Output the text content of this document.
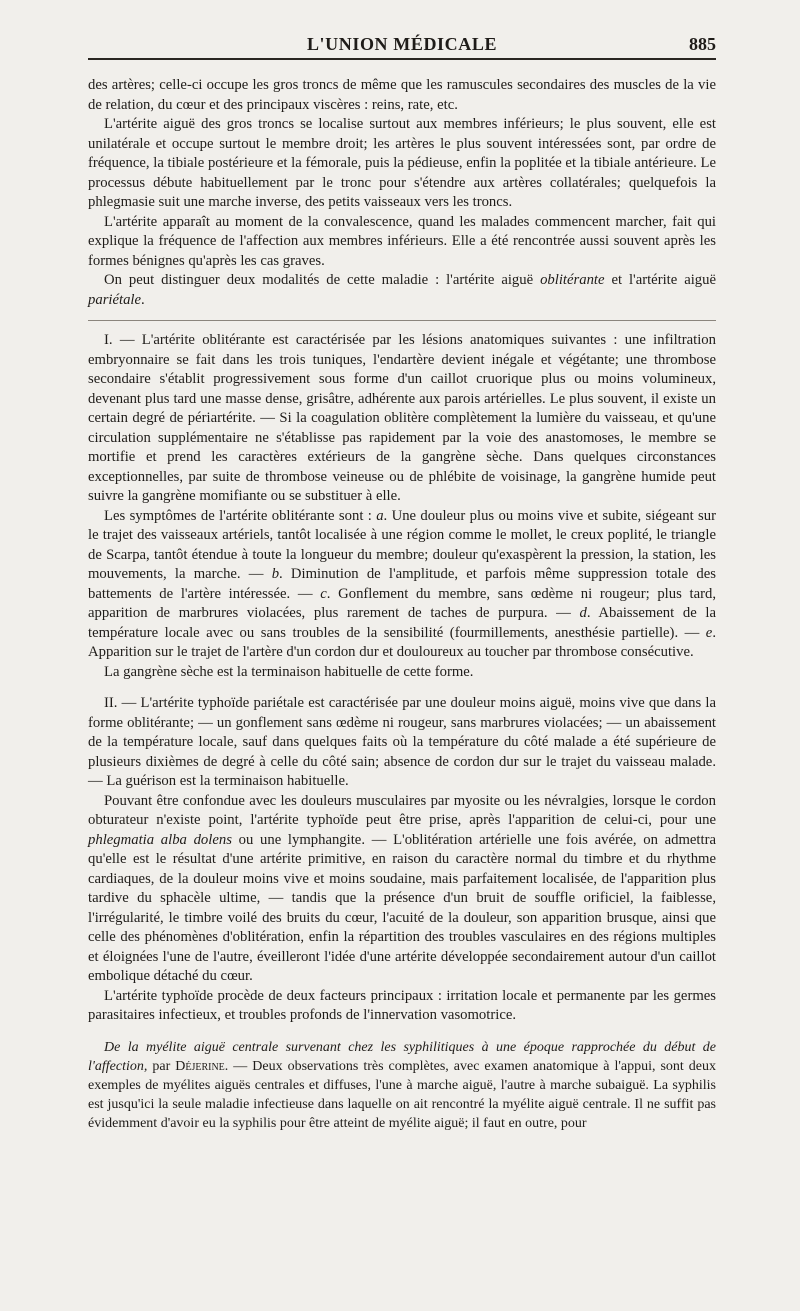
L'UNION MÉDICALE	885

des artères; celle-ci occupe les gros troncs de même que les ramuscules secondaires des muscles de la vie de relation, du cœur et des principaux viscères : reins, rate, etc.

L'artérite aiguë des gros troncs se localise surtout aux membres inférieurs; le plus souvent, elle est unilatérale et occupe surtout le membre droit; les artères le plus souvent intéressées sont, par ordre de fréquence, la tibiale postérieure et la fémorale, puis la pédieuse, enfin la poplitée et la tibiale antérieure. Le processus débute habituellement par le tronc pour s'étendre aux artères collatérales; quelquefois la phlegmasie suit une marche inverse, des petits vaisseaux vers les troncs.

L'artérite apparaît au moment de la convalescence, quand les malades commencent marcher, fait qui explique la fréquence de l'affection aux membres inférieurs. Elle a été rencontrée aussi souvent après les formes bénignes qu'après les cas graves.

On peut distinguer deux modalités de cette maladie : l'artérite aiguë oblitérante et l'artérite aiguë pariétale.

I. — L'artérite oblitérante est caractérisée par les lésions anatomiques suivantes : une infiltration embryonnaire se fait dans les trois tuniques, l'endartère devient inégale et végétante; une thrombose secondaire s'établit progressivement sous forme d'un caillot cruorique plus ou moins volumineux, devenant plus tard une masse dense, grisâtre, adhérente aux parois artérielles. Le plus souvent, il existe un certain degré de périartérite. — Si la coagulation oblitère complètement la lumière du vaisseau, et qu'une circulation supplémentaire ne s'établisse pas rapidement par la voie des anastomoses, le membre se mortifie et prend les caractères extérieurs de la gangrène sèche. Dans quelques circonstances exceptionnelles, par suite de thrombose veineuse ou de phlébite de voisinage, la gangrène humide peut suivre la gangrène momifiante ou se substituer à elle.

Les symptômes de l'artérite oblitérante sont : a. Une douleur plus ou moins vive et subite, siégeant sur le trajet des vaisseaux artériels, tantôt localisée à une région comme le mollet, le creux poplité, le triangle de Scarpa, tantôt étendue à toute la longueur du membre; douleur qu'exaspèrent la pression, la station, les mouvements, la marche. — b. Diminution de l'amplitude, et parfois même suppression totale des battements de l'artère intéressée. — c. Gonflement du membre, sans œdème ni rougeur; plus tard, apparition de marbrures violacées, plus rarement de taches de purpura. — d. Abaissement de la température locale avec ou sans troubles de la sensibilité (fourmillements, anesthésie partielle). — e. Apparition sur le trajet de l'artère d'un cordon dur et douloureux au toucher par thrombose consécutive.

La gangrène sèche est la terminaison habituelle de cette forme.

II. — L'artérite typhoïde pariétale est caractérisée par une douleur moins aiguë, moins vive que dans la forme oblitérante; — un gonflement sans œdème ni rougeur, sans marbrures violacées; — un abaissement de la température locale, sauf dans quelques faits où la température du côté malade a été supérieure de plusieurs dixièmes de degré à celle du côté sain; absence de cordon dur sur le trajet du vaisseau malade. — La guérison est la terminaison habituelle.

Pouvant être confondue avec les douleurs musculaires par myosite ou les névralgies, lorsque le cordon obturateur n'existe point, l'artérite typhoïde peut être prise, après l'apparition de celui-ci, pour une phlegmatia alba dolens ou une lymphangite. — L'oblitération artérielle une fois avérée, on admettra qu'elle est le résultat d'une artérite primitive, en raison du caractère normal du timbre et du rhythme cardiaques, de la douleur moins vive et moins soudaine, mais parfaitement localisée, de l'apparition plus tardive du sphacèle ultime, — tandis que la présence d'un bruit de souffle orificiel, la faiblesse, l'irrégularité, le timbre voilé des bruits du cœur, l'acuité de la douleur, son apparition brusque, ainsi que celle des phénomènes d'oblitération, enfin la répartition des troubles vasculaires en des régions multiples et éloignées l'une de l'autre, éveilleront l'idée d'une artérite développée secondairement autour d'un caillot embolique détaché du cœur.

L'artérite typhoïde procède de deux facteurs principaux : irritation locale et permanente par les germes parasitaires infectieux, et troubles profonds de l'innervation vasomotrice.

De la myélite aiguë centrale survenant chez les syphilitiques à une époque rapprochée du début de l'affection, par Déjerine. — Deux observations très complètes, avec examen anatomique à l'appui, sont deux exemples de myélites aiguës centrales et diffuses, l'une à marche aiguë, l'autre à marche subaiguë. La syphilis est jusqu'ici la seule maladie infectieuse dans laquelle on ait rencontré la myélite aiguë centrale. Il ne suffit pas évidemment d'avoir eu la syphilis pour être atteint de myélite aiguë; il faut en outre, pour
